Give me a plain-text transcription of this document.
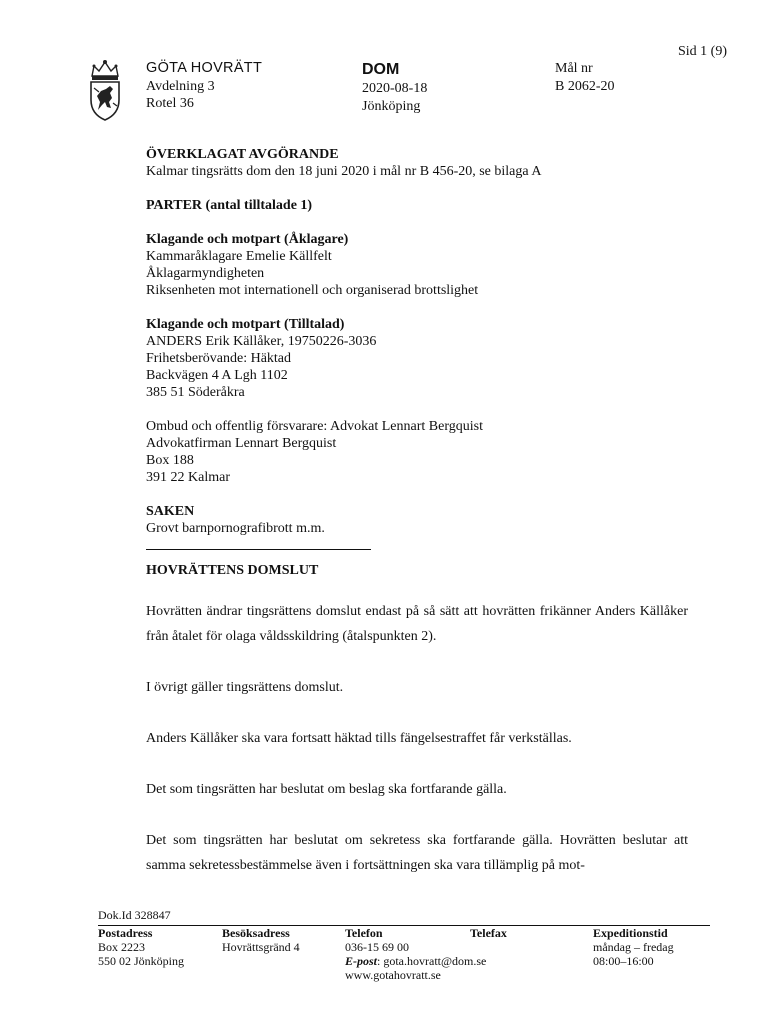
Sid 1 (9)
GÖTA HOVRÄTT
Avdelning 3
Rotel 36
DOM
2020-08-18
Jönköping
Mål nr
B 2062-20

ÖVERKLAGAT AVGÖRANDE

Kalmar tingsrätts dom den 18 juni 2020 i mål nr B 456-20, se bilaga A

PARTER (antal tilltalade 1)

Klagande och motpart (Åklagare)

Kammaråklagare Emelie Källfelt

Åklagarmyndigheten

Riksenheten mot internationell och organiserad brottslighet

Klagande och motpart (Tilltalad)

ANDERS Erik Källåker, 19750226-3036

Frihetsberövande: Häktad

Backvägen 4 A Lgh 1102

385 51 Söderåkra

Ombud och offentlig försvarare: Advokat Lennart Bergquist

Advokatfirman Lennart Bergquist

Box 188

391 22 Kalmar

SAKEN

Grovt barnpornografibrott m.m.

HOVRÄTTENS DOMSLUT

Hovrätten ändrar tingsrättens domslut endast på så sätt att hovrätten frikänner Anders Källåker från åtalet för olaga våldsskildring (åtalspunkten 2).

I övrigt gäller tingsrättens domslut.

Anders Källåker ska vara fortsatt häktad tills fängelsestraffet får verkställas.

Det som tingsrätten har beslutat om beslag ska fortfarande gälla.

Det som tingsrätten har beslutat om sekretess ska fortfarande gälla. Hovrätten beslutar att samma sekretessbestämmelse även i fortsättningen ska vara tillämplig på mot-

Dok.Id 328847
Postadress
Box 2223
550 02 Jönköping
Besöksadress
Hovrättsgränd 4
Telefon
036-15 69 00
E-post: gota.hovratt@dom.se
www.gotahovratt.se
Telefax	Expeditionstid
måndag – fredag
08:00–16:00
